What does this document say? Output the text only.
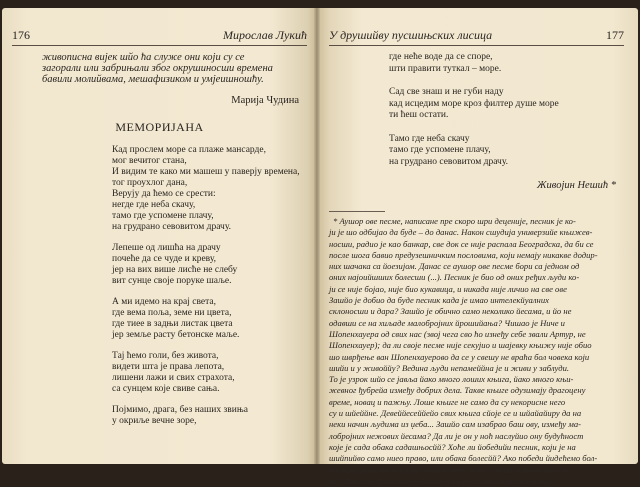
176	Мирослав Лукић

живописна вијек шйо ћа служе они који су се

загорали или забрињали због окрушиносши времена

бавили молийвама, мешафизиком и умјеишношћу.

Марија Чудина
МЕМОРИЈАНА
Кад прослем море са плаже мансарде,
мог вечитог стана,
И видим те како ми машеш у паверју времена,
тог проухлог дана,
Верују да ћемо се срести:
негде где неба скачу,
тамо где успомене плачу,
на грудрано севовитом драчу.
Лепеше од лишћа на драчу
почеће да се чуде и креву,
јер на вих више лисће не слебу
вит сунце своје поруке шаље.
А ми идемо на крај света,
где вема поља, земе ни цвета,
где тиее в задњи листак цвета
јер земље расту бетонске маље.
Тај ћемо голи, без живота,
видети шта је права лепота,
лишени лажи и свих страхота,
са сунцем које свиве сања.
Појмимо, драга, без наших звиња
у окриље вечне зоре,
У друшийву пусшињских лисица	177
где неће воде да се споре,
шти правити туткал – море.
Сад све знаш и не губи наду
кад исцедим море кроз филтер душе море
ти ћеш остати.
Тамо где неба скачу
тамо где успомене плачу,
на грудрано севовитом драчу.
Живојин Нешић *
* Аушор ове песме, написане пре скоро шри деценије, песник је ко-
ји је шо одбијао да буде – до данас. Након сшудија универзийе књижев-
носши, радио је као банкар, све док се није распала Београдска, да би се
после шога бавио предузешничким пословима, који немају никакве додир-
них шачака са йоезијом. Данас се аушор ове песме бори са једном од
оних најоийшших болесши (...). Песник је био од оних ређих људи ко-
ји се није бојао, није био кукавица, и никада није личио на све ове
Зашйо је добио да буде песник када је имао интелекйуалних
склоносши и дара? Зашйо је обично само неколико йесама, и йо не
одавши се на хиљаде малобројних йрошийања? Чишао је Ниче и
Шопенхауера од свих нас (звој чега сво ћо изнеђу себе звали Артур, не
Шопенхауер); да ли своје песме није секујио и шајевку књижу није обио
шо шврђење ван Шопенхауерово да се у свешу не враћа бол човека који
шийи и у живоййу? Ведина људи непамеййна је и живи у заблуди.
То је узрок шйо се јавља йако много лоших књига, йако много књи-
жевног ђубрейа између добрих дела. Такве књиге одузимају драгоцену
време, новац и пажњу. Лоше књиге не само да су некорисне него
су и шйеййне. Девеййесеййейо свих књига сйоје се и шйайайиру да на
неки начин људима из џеба... Зашйо сам изабрао баш ову, између ма-
лобројних нежових йесама? Да ли је он у ноћ наслуйио ону будућност
које је сада обака садашњосйй? Хоће ли йобедийи песник, који је на
шийпийво само ниео право, или обака болесйй? Ако победи йидећемо бол-
ба, биће јрош од нас који зујев долазе. Куда? Тамо куда нејдна бес-
ке... Послија йрейзнам судбине, и он је вечан... и неизбежан..
